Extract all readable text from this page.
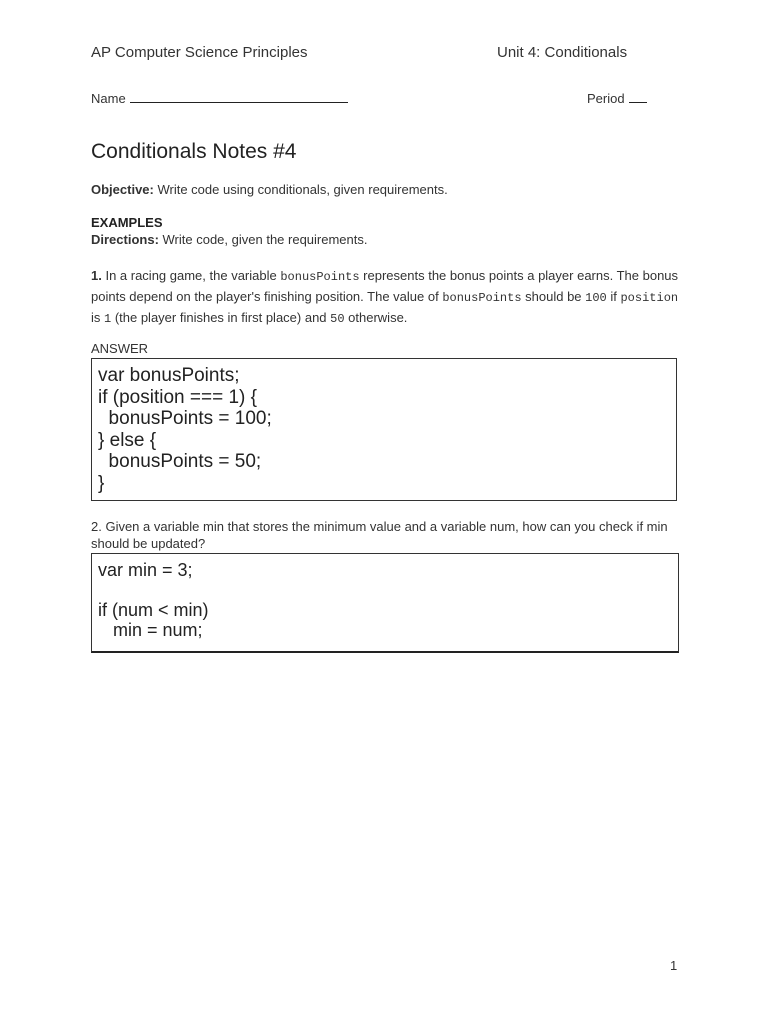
AP Computer Science Principles	Unit 4: Conditionals
Name	Period
Conditionals Notes #4
Objective: Write code using conditionals, given requirements.
EXAMPLES
Directions: Write code, given the requirements.
1. In a racing game, the variable bonusPoints represents the bonus points a player earns. The bonus points depend on the player's finishing position. The value of bonusPoints should be 100 if position is 1 (the player finishes in first place) and 50 otherwise.
ANSWER
var bonusPoints;
if (position === 1) {
bonusPoints = 100;
} else {
bonusPoints = 50;
}
2. Given a variable min that stores the minimum value and a variable num, how can you check if min should be updated?
var min = 3;

if (num < min)
min = num;
1
